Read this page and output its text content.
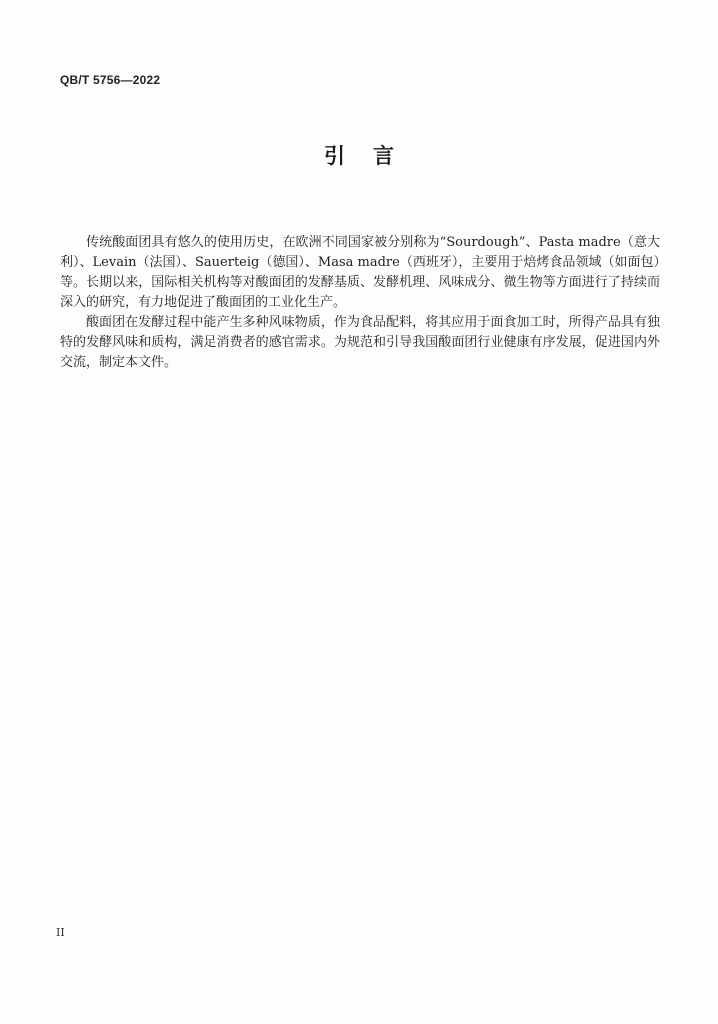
QB/T 5756—2022
引言

传统酸面团具有悠久的使用历史，在欧洲不同国家被分别称为“Sourdough”、Pasta madre（意大利）、Levain（法国）、Sauerteig（德国）、Masa madre（西班牙），主要用于焙烤食品领域（如面包）等。长期以来，国际相关机构等对酸面团的发酵基质、发酵机理、风味成分、微生物等方面进行了持续而深入的研究，有力地促进了酸面团的工业化生产。

酸面团在发酵过程中能产生多种风味物质，作为食品配料，将其应用于面食加工时，所得产品具有独特的发酵风味和质构，满足消费者的感官需求。为规范和引导我国酸面团行业健康有序发展，促进国内外交流，制定本文件。

II
